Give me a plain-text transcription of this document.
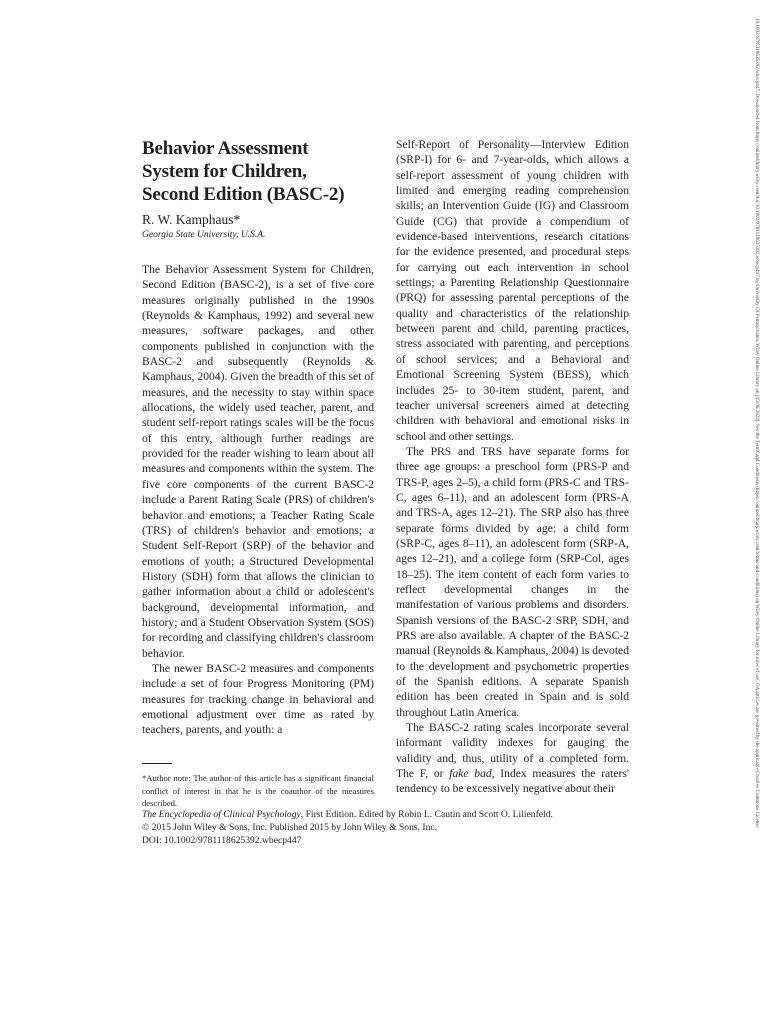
Behavior Assessment
System for Children,
Second Edition (BASC-2)
R. W. Kamphaus*
Georgia State University, U.S.A.

The Behavior Assessment System for Children, Second Edition (BASC-2), is a set of five core measures originally published in the 1990s (Reynolds & Kamphaus, 1992) and several new measures, software packages, and other components published in conjunction with the BASC-2 and subsequently (Reynolds & Kamphaus, 2004). Given the breadth of this set of measures, and the necessity to stay within space allocations, the widely used teacher, parent, and student self-report ratings scales will be the focus of this entry, although further readings are provided for the reader wishing to learn about all measures and components within the system. The five core components of the current BASC-2 include a Parent Rating Scale (PRS) of children's behavior and emotions; a Teacher Rating Scale (TRS) of children's behavior and emotions; a Student Self-Report (SRP) of the behavior and emotions of youth; a Structured Developmental History (SDH) form that allows the clinician to gather information about a child or adolescent's background, developmental information, and history; and a Student Observation System (SOS) for recording and classifying children's classroom behavior.

The newer BASC-2 measures and components include a set of four Progress Monitoring (PM) measures for tracking change in behavioral and emotional adjustment over time as rated by teachers, parents, and youth: a

Self-Report of Personality—Interview Edition (SRP-I) for 6- and 7-year-olds, which allows a self-report assessment of young children with limited and emerging reading comprehension skills; an Intervention Guide (IG) and Classroom Guide (CG) that provide a compendium of evidence-based interventions, research citations for the evidence presented, and procedural steps for carrying out each intervention in school settings; a Parenting Relationship Questionnaire (PRQ) for assessing parental perceptions of the quality and characteristics of the relationship between parent and child, parenting practices, stress associated with parenting, and perceptions of school services; and a Behavioral and Emotional Screening System (BESS), which includes 25- to 30-item student, parent, and teacher universal screeners aimed at detecting children with behavioral and emotional risks in school and other settings.

The PRS and TRS have separate forms for three age groups: a preschool form (PRS-P and TRS-P, ages 2–5), a child form (PRS-C and TRS-C, ages 6–11), and an adolescent form (PRS-A and TRS-A, ages 12–21). The SRP also has three separate forms divided by age: a child form (SRP-C, ages 8–11), an adolescent form (SRP-A, ages 12–21), and a college form (SRP-Col, ages 18–25). The item content of each form varies to reflect developmental changes in the manifestation of various problems and disorders. Spanish versions of the BASC-2 SRP, SDH, and PRS are also available. A chapter of the BASC-2 manual (Reynolds & Kamphaus, 2004) is devoted to the development and psychometric properties of the Spanish editions. A separate Spanish edition has been created in Spain and is sold throughout Latin America.

The BASC-2 rating scales incorporate several informant validity indexes for gauging the validity and, thus, utility of a completed form. The F, or fake bad, Index measures the raters' tendency to be excessively negative about their

*Author note: The author of this article has a significant financial conflict of interest in that he is the coauthor of the measures described.
The Encyclopedia of Clinical Psychology, First Edition. Edited by Robin L. Cautin and Scott O. Lilienfeld.
© 2015 John Wiley & Sons, Inc. Published 2015 by John Wiley & Sons, Inc.
DOI: 10.1002/9781118625392.wbecp447
10.1002/9781118625392.wbecp447, Downloaded from https://onlinelibrary.wiley.com/doi/10.1002/9781118625392.wbecp447 by University Of Pennsylvania, Wiley Online Library on [05/06/2023]. See the Terms and Conditions (https://onlinelibrary.wiley.com/terms-and-conditions) on Wiley Online Library for rules of use; OA articles are governed by the applicable Creative Commons License
